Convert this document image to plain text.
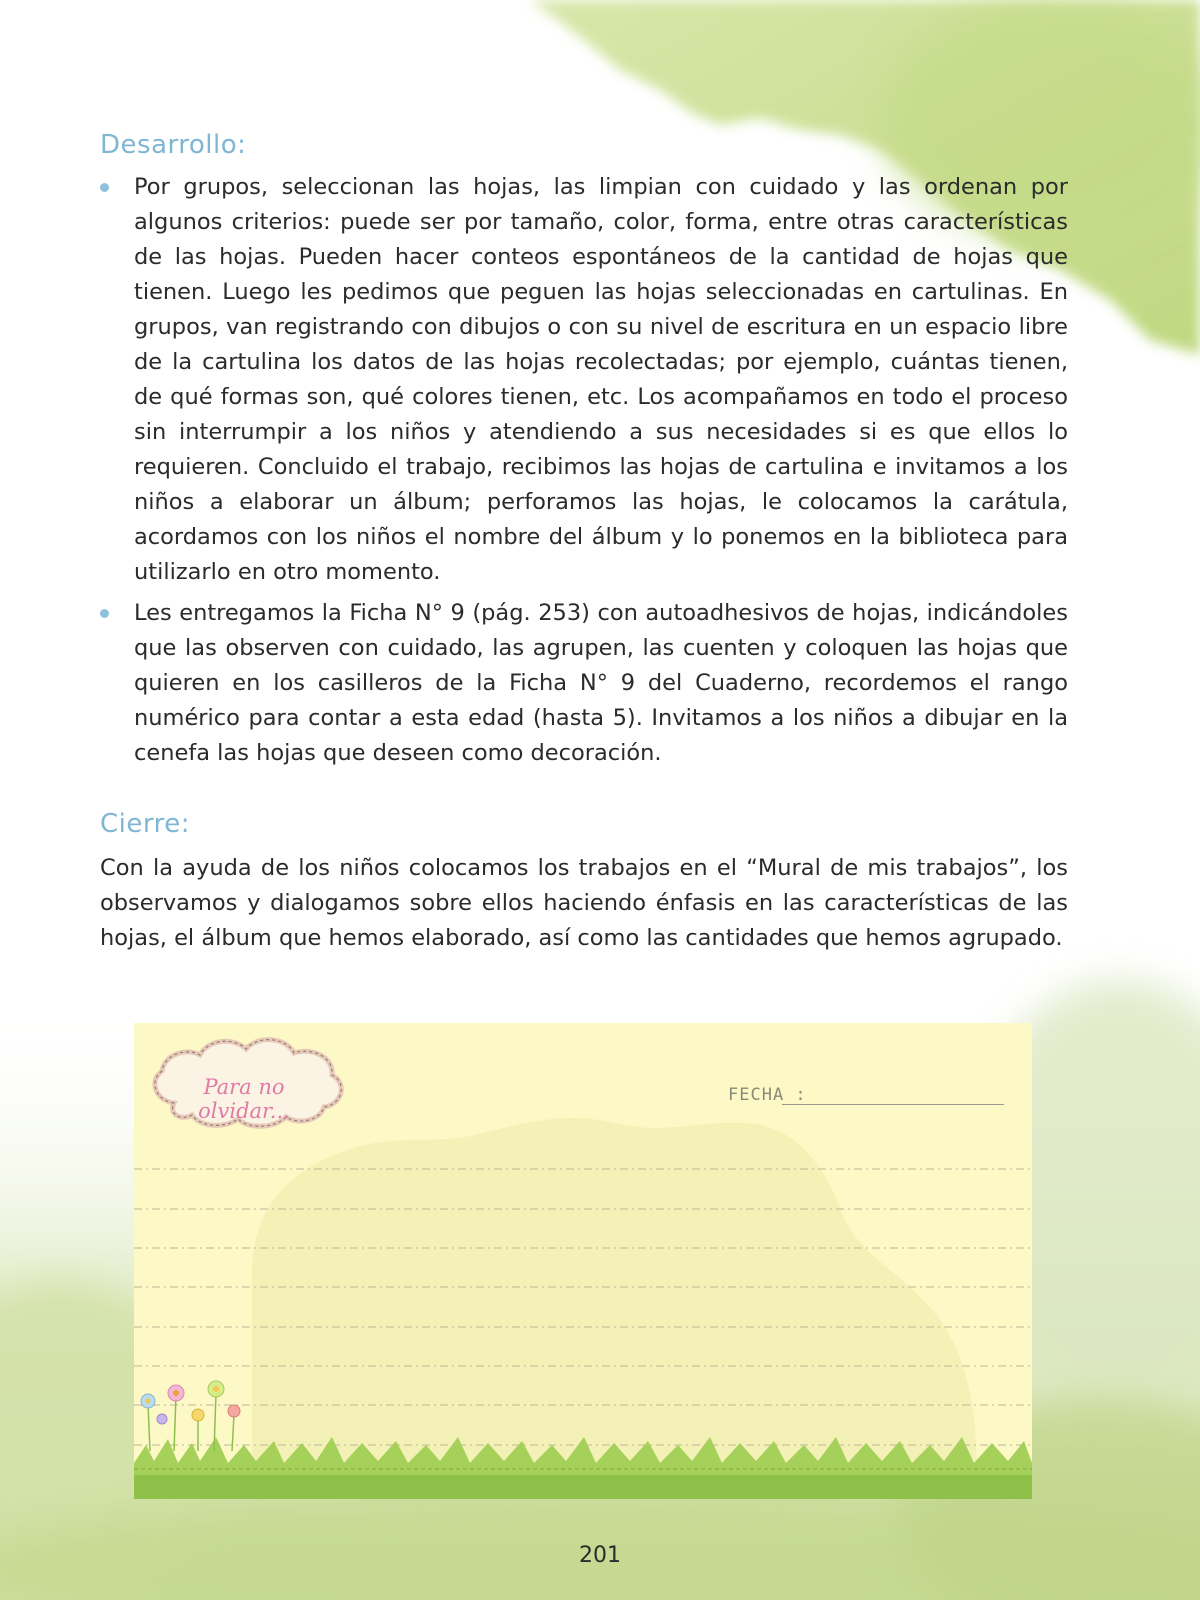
Desarrollo:
Por grupos, seleccionan las hojas, las limpian con cuidado y las ordenan por algunos criterios: puede ser por tamaño, color, forma, entre otras características de las hojas. Pueden hacer conteos espontáneos de la cantidad de hojas que tienen. Luego les pedimos que peguen las hojas seleccionadas en cartulinas. En grupos, van registrando con dibujos o con su nivel de escritura en un espacio libre de la cartulina los datos de las hojas recolectadas; por ejemplo, cuántas tienen, de qué formas son, qué colores tienen, etc. Los acompañamos en todo el proceso sin interrumpir a los niños y atendiendo a sus necesidades si es que ellos lo requieren. Concluido el trabajo, recibimos las hojas de cartulina e invitamos a los niños a elaborar un álbum; perforamos las hojas, le colocamos la carátula, acordamos con los niños el nombre del álbum y lo ponemos en la biblioteca para utilizarlo en otro momento.
Les entregamos la Ficha N° 9 (pág. 253) con autoadhesivos de hojas, indicándoles que las observen con cuidado, las agrupen, las cuenten y coloquen las hojas que quieren en los casilleros de la Ficha N° 9 del Cuaderno, recordemos el rango numérico para contar a esta edad (hasta 5). Invitamos a los niños a dibujar en la cenefa las hojas que deseen como decoración.
Cierre:

Con la ayuda de los niños colocamos los trabajos en el “Mural de mis trabajos”, los observamos y dialogamos sobre ellos haciendo énfasis en las características de las hojas, el álbum que hemos elaborado, así como las cantidades que hemos agrupado.

Para no olvidar...
FECHA :
201
